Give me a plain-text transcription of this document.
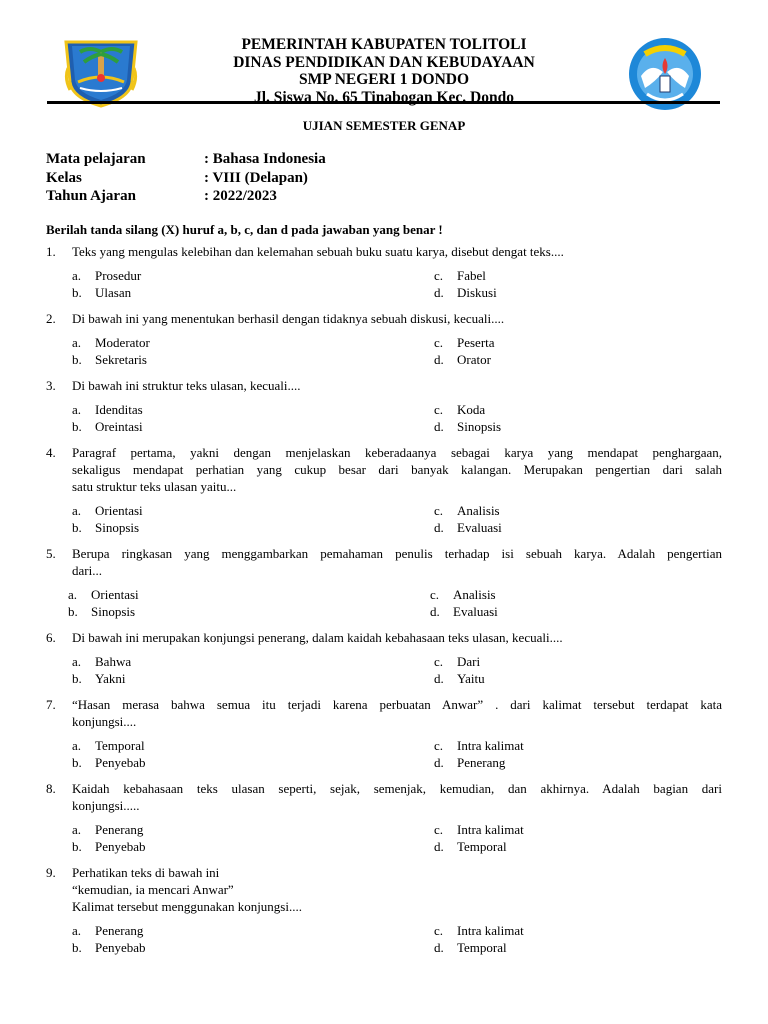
PEMERINTAH KABUPATEN TOLITOLI
DINAS PENDIDIKAN DAN KEBUDAYAAN
SMP NEGERI 1 DONDO
Jl. Siswa No. 65 Tinabogan Kec. Dondo
UJIAN SEMESTER GENAP
Mata pelajaran	: Bahasa Indonesia
Kelas	: VIII (Delapan)
Tahun Ajaran	: 2022/2023
Berilah tanda silang (X) huruf a, b, c, dan d pada jawaban yang benar !
1.	Teks yang mengulas kelebihan dan kelemahan sebuah buku suatu karya, disebut dengat teks....
a.	Prosedur	c.	Fabel
b.	Ulasan	d.	Diskusi
2.	Di bawah ini yang menentukan berhasil dengan tidaknya sebuah diskusi, kecuali....
a.	Moderator	c.	Peserta
b.	Sekretaris	d.	Orator
3.	Di bawah ini struktur teks ulasan, kecuali....
a.	Idenditas	c.	Koda
b.	Oreintasi	d.	Sinopsis
4.	Paragraf pertama, yakni dengan menjelaskan keberadaanya sebagai karya yang mendapat penghargaan,
sekaligus mendapat perhatian yang cukup besar dari banyak kalangan. Merupakan pengertian dari salah
satu struktur teks ulasan yaitu...
a.	Orientasi	c.	Analisis
b.	Sinopsis	d.	Evaluasi
5.	Berupa ringkasan yang menggambarkan pemahaman penulis terhadap isi sebuah karya. Adalah pengertian
dari...
a.	Orientasi	c.	Analisis
b.	Sinopsis	d.	Evaluasi
6.	Di bawah ini merupakan konjungsi penerang, dalam kaidah kebahasaan teks ulasan, kecuali....
a.	Bahwa	c.	Dari
b.	Yakni	d.	Yaitu
7.	“Hasan merasa bahwa semua itu terjadi karena perbuatan Anwar” . dari kalimat tersebut terdapat kata
konjungsi....
a.	Temporal	c.	Intra kalimat
b.	Penyebab	d.	Penerang
8.	Kaidah kebahasaan teks ulasan seperti, sejak, semenjak, kemudian, dan akhirnya. Adalah bagian dari
konjungsi.....
a.	Penerang	c.	Intra kalimat
b.	Penyebab	d.	Temporal
9.	Perhatikan teks di bawah ini
“kemudian, ia mencari Anwar”
Kalimat tersebut menggunakan konjungsi....
a.	Penerang	c.	Intra kalimat
b.	Penyebab	d.	Temporal
